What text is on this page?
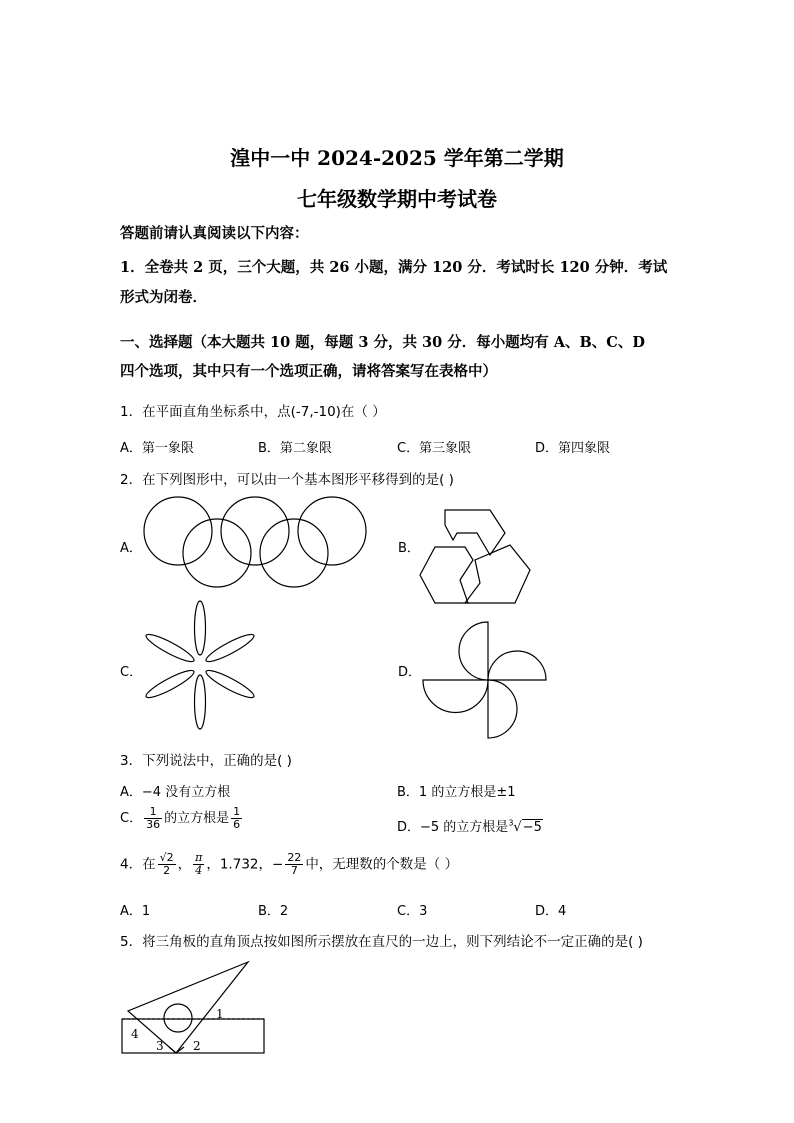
湟中一中 2024-2025 学年第二学期
七年级数学期中考试卷
答题前请认真阅读以下内容：
1．全卷共 2 页，三个大题，共 26 小题，满分 120 分．考试时长 120 分钟．考试
形式为闭卷．
一、选择题（本大题共 10 题，每题 3 分，共 30 分．每小题均有 A、B、C、D
四个选项，其中只有一个选项正确，请将答案写在表格中）
1．在平面直角坐标系中，点(-7,-10)在（ ）
A．第一象限	B．第二象限	C．第三象限	D．第四象限
2．在下列图形中，可以由一个基本图形平移得到的是( )
A．	B．
C．	D．
3．下列说法中，正确的是( )
A．−4 没有立方根	B．1 的立方根是±1
C． $\frac{1}{36}$ 的立方根是 $\frac{1}{6}$	D．−5 的立方根是$^3$√−5
4．在 $\frac{√2}{2}$ ， $\frac{\pi}{4}$ ，1.732，− $\frac{22}{7}$ 中，无理数的个数是（ ）
A．1	B．2	C．3	D．4
5．将三角板的直角顶点按如图所示摆放在直尺的一边上，则下列结论不一定正确的是( )
1
2
3
4
